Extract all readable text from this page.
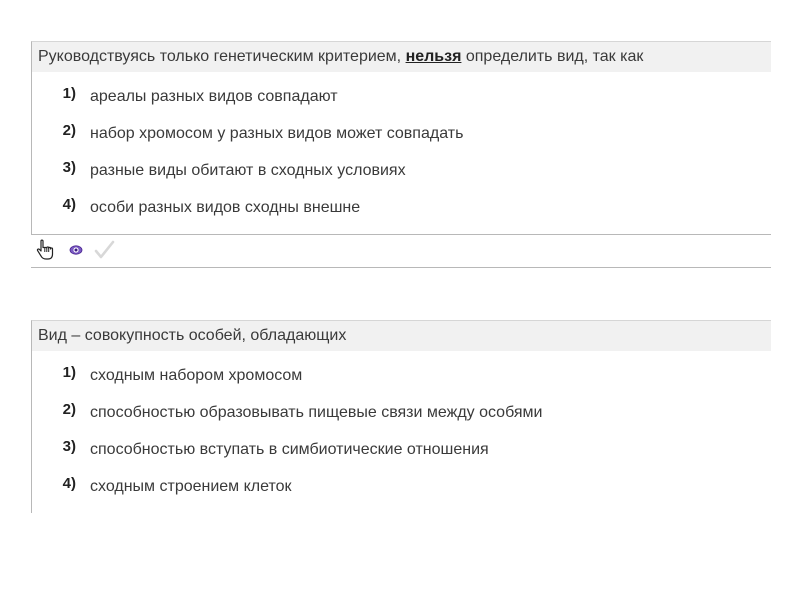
Руководствуясь только генетическим критерием, нельзя определить вид, так как
1) ареалы разных видов совпадают
2) набор хромосом у разных видов может совпадать
3) разные виды обитают в сходных условиях
4) особи разных видов сходны внешне
Вид – совокупность особей, обладающих
1) сходным набором хромосом
2) способностью образовывать пищевые связи между особями
3) способностью вступать в симбиотические отношения
4) сходным строением клеток
